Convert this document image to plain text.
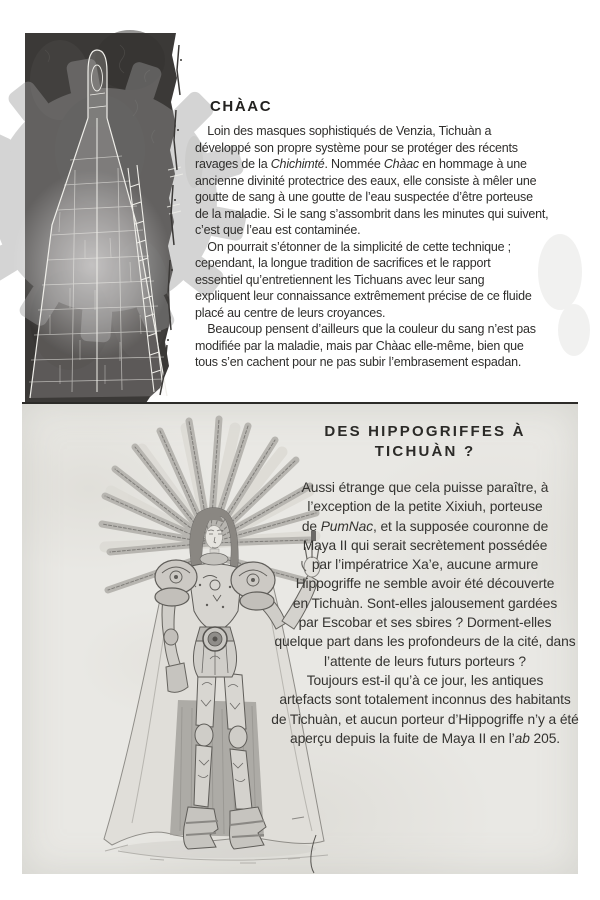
CHÀAC
 Loin des masques sophistiqués de Venzia, Tichuàn a
développé son propre système pour se protéger des récents
ravages de la Chichimté. Nommée Chàac en hommage à une
ancienne divinité protectrice des eaux, elle consiste à mêler une
goutte de sang à une goutte de l’eau suspectée d’être porteuse
de la maladie. Si le sang s’assombrit dans les minutes qui suivent,
c’est que l’eau est contaminée.
 On pourrait s’étonner de la simplicité de cette technique ;
cependant, la longue tradition de sacrifices et le rapport
essentiel qu’entretiennent les Tichuans avec leur sang
expliquent leur connaissance extrêmement précise de ce fluide
placé au centre de leurs croyances.
 Beaucoup pensent d’ailleurs que la couleur du sang n’est pas
modifiée par la maladie, mais par Chàac elle-même, bien que
tous s’en cachent pour ne pas subir l’embrasement espadan.
DES HIPPOGRIFFES À
TICHUÀN ?
Aussi étrange que cela puisse paraître, à
l’exception de la petite Xixiuh, porteuse
de PumNac, et la supposée couronne de
Maya II qui serait secrètement possédée
par l’impératrice Xa’e, aucune armure
Hippogriffe ne semble avoir été découverte
en Tichuàn. Sont-elles jalousement gardées
par Escobar et ses sbires ? Dorment-elles
quelque part dans les profondeurs de la cité, dans
l’attente de leurs futurs porteurs ?
Toujours est-il qu’à ce jour, les antiques
artefacts sont totalement inconnus des habitants
de Tichuàn, et aucun porteur d’Hippogriffe n’y a été
aperçu depuis la fuite de Maya II en l’ab 205.
